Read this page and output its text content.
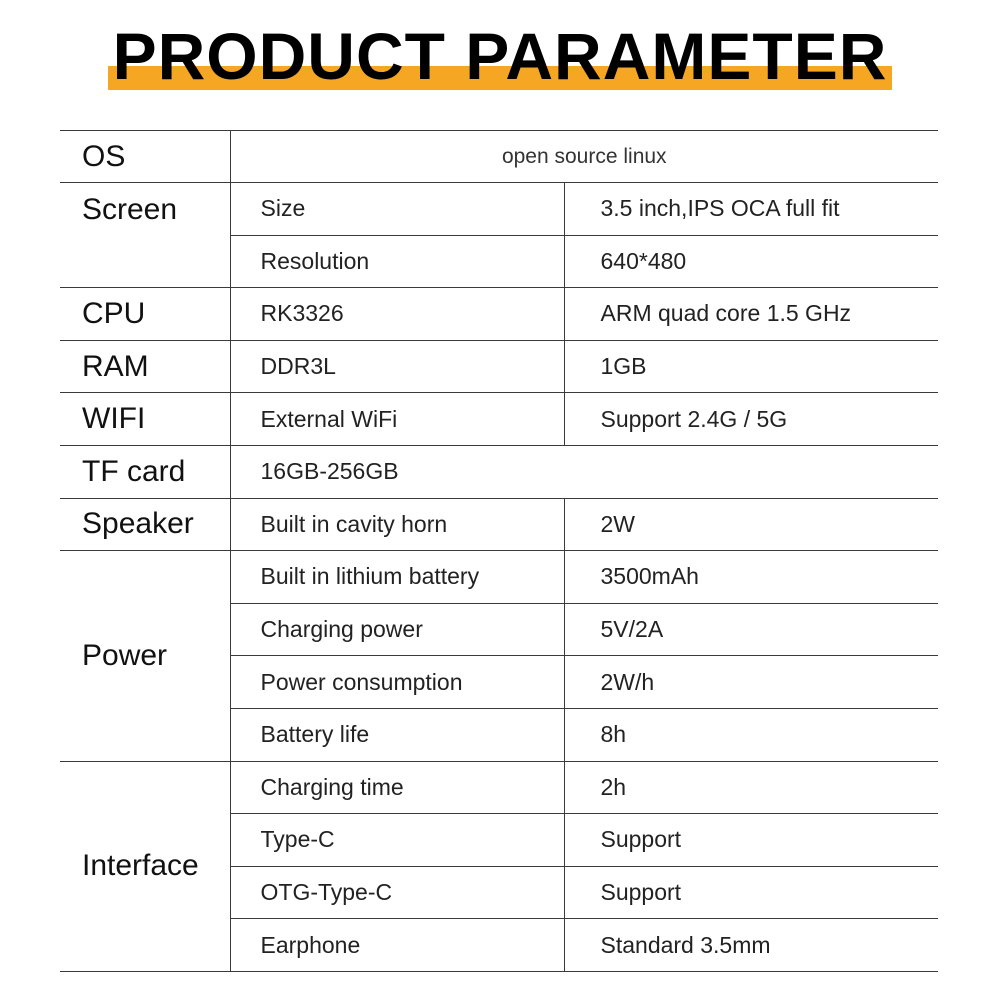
PRODUCT PARAMETER
OS	open source linux	
Screen	Size	3.5 inch,IPS OCA full fit
	Resolution	640*480
CPU	RK3326	ARM quad core 1.5 GHz
RAM	DDR3L	1GB
WIFI	External WiFi	Support 2.4G / 5G
TF card	16GB-256GB	
Speaker	Built in cavity horn	2W
Power	Built in lithium battery	3500mAh
	Charging power	5V/2A
	Power consumption	2W/h
	Battery life	8h
Interface	Charging time	2h
	Type-C	Support
	OTG-Type-C	Support
	Earphone	Standard 3.5mm
